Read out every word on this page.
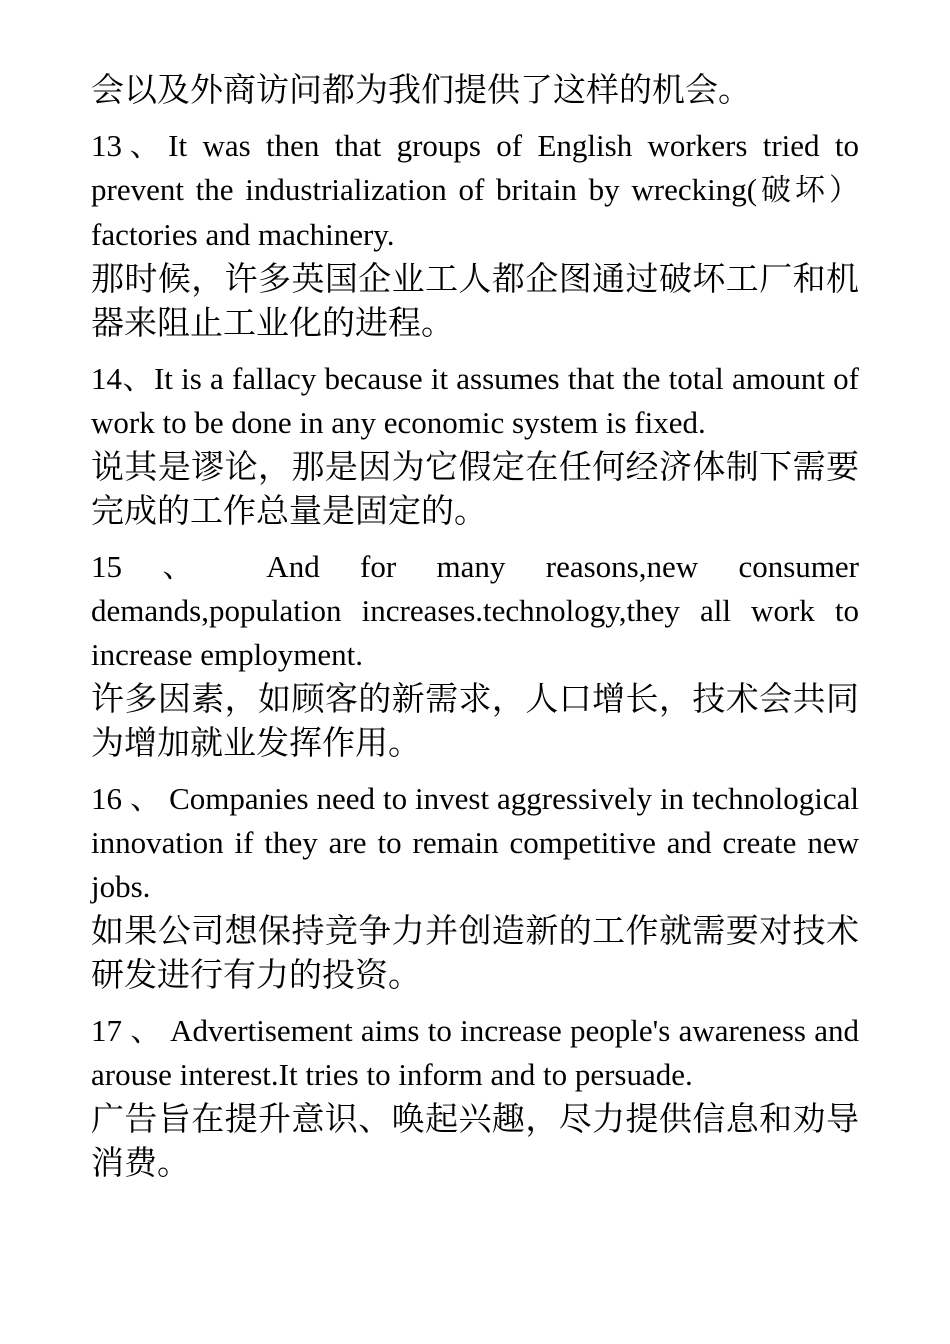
会以及外商访问都为我们提供了这样的机会。

13、It was then that groups of English workers tried to prevent the industrialization of britain by wrecking(破坏）factories and machinery.

那时候，许多英国企业工人都企图通过破坏工厂和机器来阻止工业化的进程。

14、It is a fallacy because it assumes that the total amount of work to be done in any economic system is fixed.

说其是谬论，那是因为它假定在任何经济体制下需要完成的工作总量是固定的。

15 、 And for many reasons,new consumer demands,population increases.technology,they all work to increase employment.

许多因素，如顾客的新需求，人口增长，技术会共同为增加就业发挥作用。

16 、 Companies need to invest aggressively in technological innovation if they are to remain competitive and create new jobs.

如果公司想保持竞争力并创造新的工作就需要对技术研发进行有力的投资。

17 、 Advertisement aims to increase people's awareness and arouse interest.It tries to inform and to persuade.

广告旨在提升意识、唤起兴趣，尽力提供信息和劝导消费。
